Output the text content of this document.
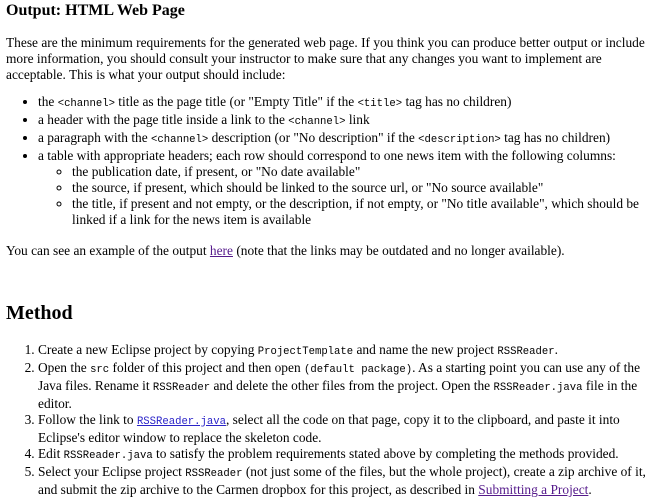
Output: HTML Web Page

These are the minimum requirements for the generated web page. If you think you can produce better output or include more information, you should consult your instructor to make sure that any changes you want to implement are acceptable. This is what your output should include:

• the <channel> title as the page title (or "Empty Title" if the <title> tag has no children)
• a header with the page title inside a link to the <channel> link
• a paragraph with the <channel> description (or "No description" if the <description> tag has no children)
• a table with appropriate headers; each row should correspond to one news item with the following columns:
◦ the publication date, if present, or "No date available"
◦ the source, if present, which should be linked to the source url, or "No source available"
◦ the title, if present and not empty, or the description, if not empty, or "No title available", which should be linked if a link for the news item is available

You can see an example of the output here (note that the links may be outdated and no longer available).

Method
1. Create a new Eclipse project by copying ProjectTemplate and name the new project RSSReader.
2. Open the src folder of this project and then open (default package). As a starting point you can use any of the Java files. Rename it RSSReader and delete the other files from the project. Open the RSSReader.java file in the editor.
3. Follow the link to RSSReader.java, select all the code on that page, copy it to the clipboard, and paste it into Eclipse's editor window to replace the skeleton code.
4. Edit RSSReader.java to satisfy the problem requirements stated above by completing the methods provided.
5. Select your Eclipse project RSSReader (not just some of the files, but the whole project), create a zip archive of it, and submit the zip archive to the Carmen dropbox for this project, as described in Submitting a Project.
